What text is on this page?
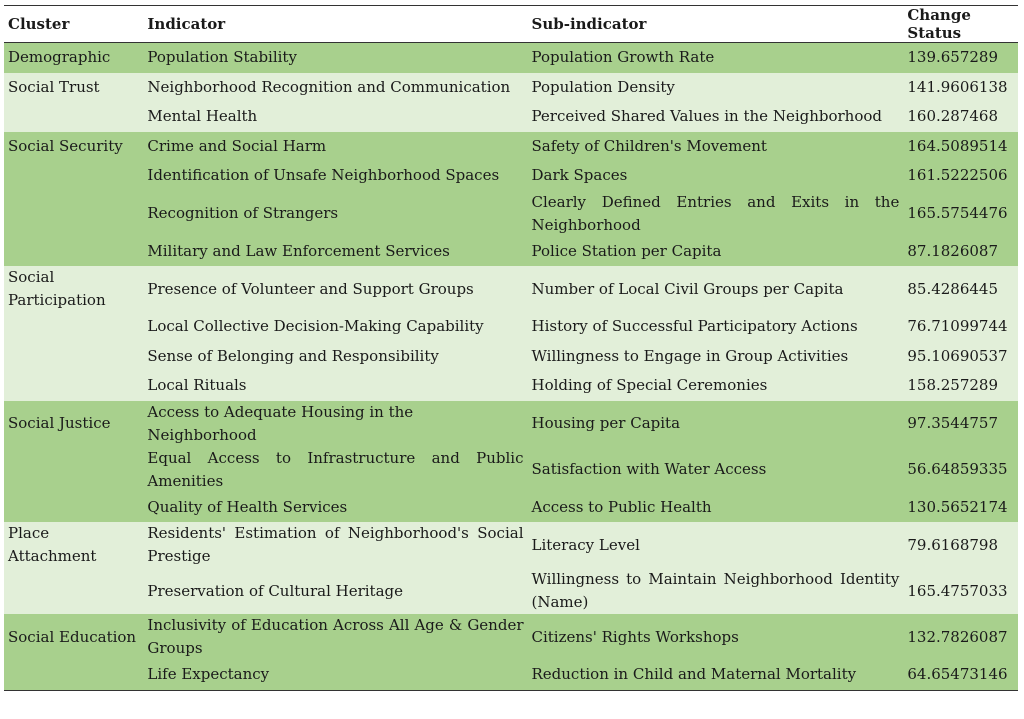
Cluster	Indicator	Sub-indicator	Change Status
Demographic	Population Stability	Population Growth Rate	139.657289
Social Trust	Neighborhood Recognition and Communication	Population Density	141.9606138
	Mental Health	Perceived Shared Values in the Neighborhood	160.287468
Social Security	Crime and Social Harm	Safety of Children's Movement	164.5089514
	Identification of Unsafe Neighborhood Spaces	Dark Spaces	161.5222506
	Recognition of Strangers	Clearly Defined Entries and Exits in the Neighborhood	165.5754476
	Military and Law Enforcement Services	Police Station per Capita	87.1826087
Social Participation	Presence of Volunteer and Support Groups	Number of Local Civil Groups per Capita	85.4286445
	Local Collective Decision-Making Capability	History of Successful Participatory Actions	76.71099744
	Sense of Belonging and Responsibility	Willingness to Engage in Group Activities	95.10690537
	Local Rituals	Holding of Special Ceremonies	158.257289
Social Justice	Access to Adequate Housing in the Neighborhood	Housing per Capita	97.3544757
	Equal Access to Infrastructure and Public Amenities	Satisfaction with Water Access	56.64859335
	Quality of Health Services	Access to Public Health	130.5652174
Place Attachment	Residents' Estimation of Neighborhood's Social Prestige	Literacy Level	79.6168798
	Preservation of Cultural Heritage	Willingness to Maintain Neighborhood Identity (Name)	165.4757033
Social Education	Inclusivity of Education Across All Age & Gender Groups	Citizens' Rights Workshops	132.7826087
	Life Expectancy	Reduction in Child and Maternal Mortality	64.65473146
